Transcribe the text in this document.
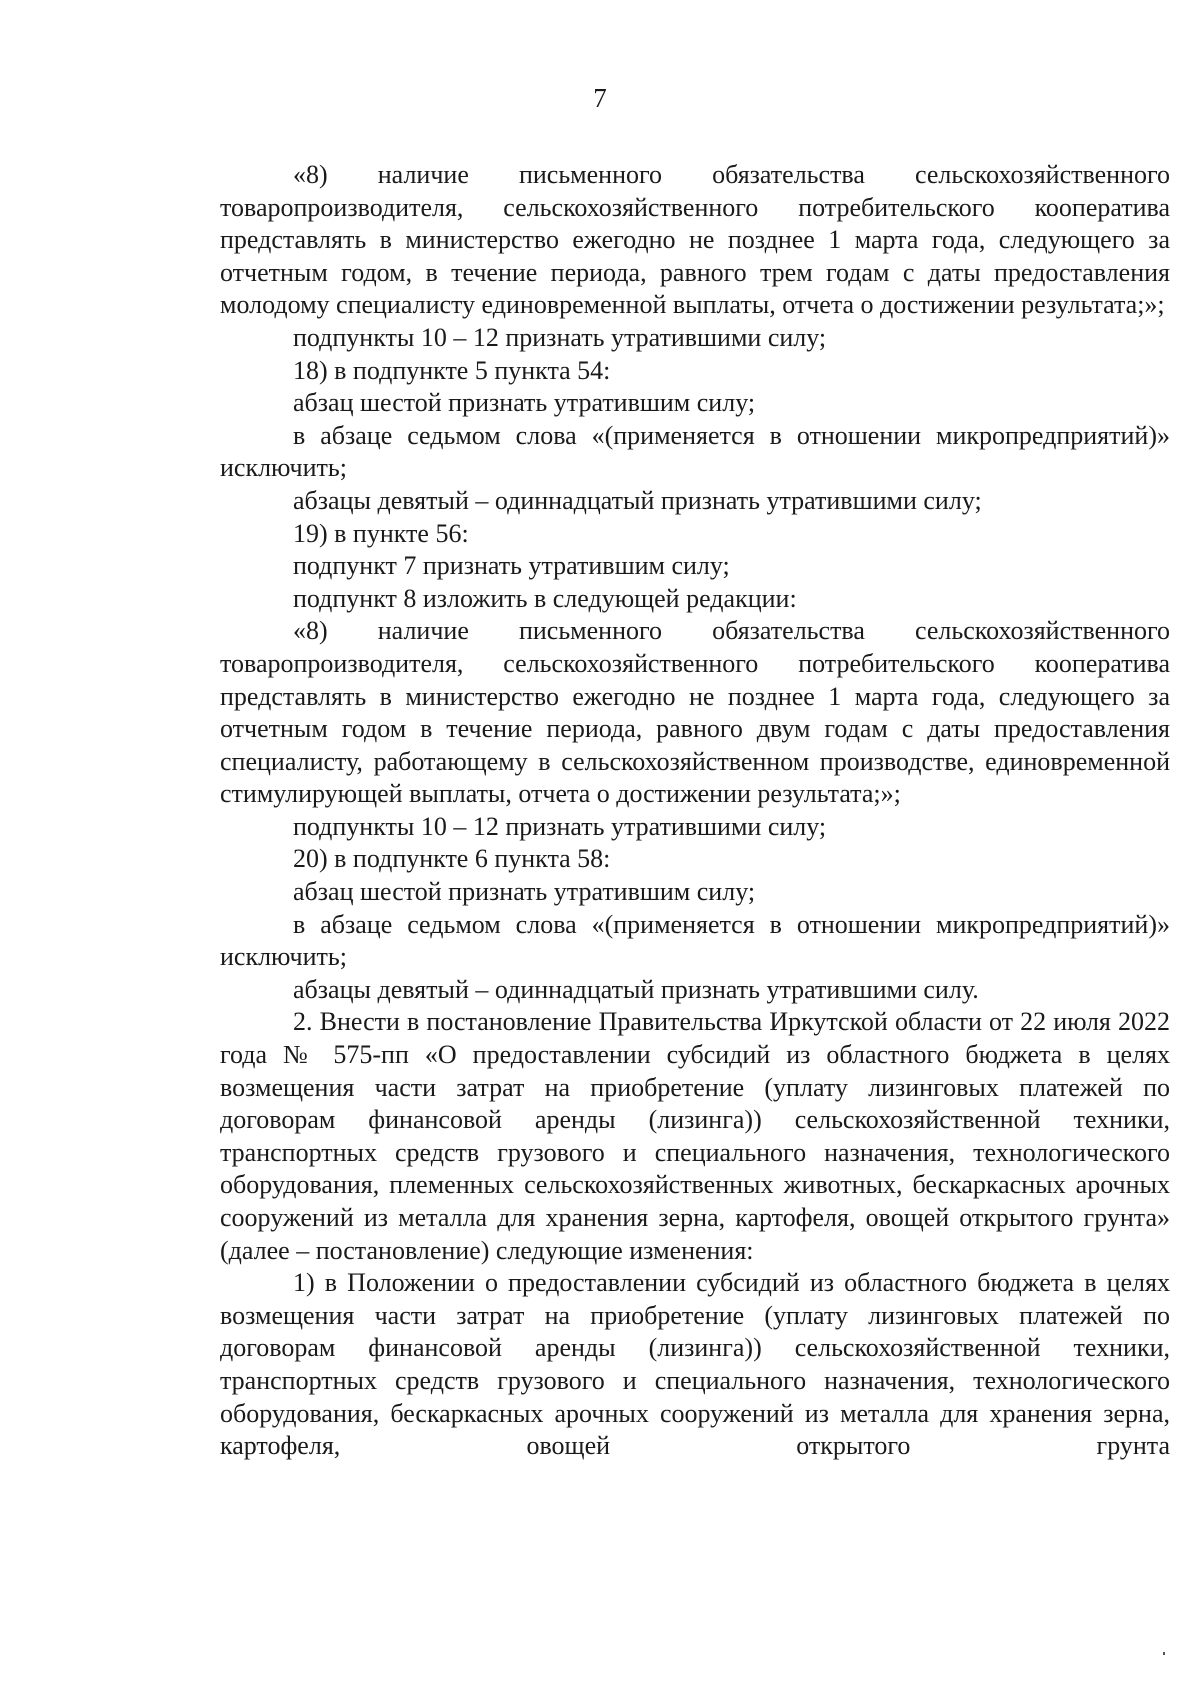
7

«8) наличие письменного обязательства сельскохозяйственного товаропроизводителя, сельскохозяйственного потребительского кооператива представлять в министерство ежегодно не позднее 1 марта года, следующего за отчетным годом, в течение периода, равного трем годам с даты предоставления молодому специалисту единовременной выплаты, отчета о достижении результата;»;

подпункты 10 – 12 признать утратившими силу;

18) в подпункте 5 пункта 54:

абзац шестой признать утратившим силу;

в абзаце седьмом слова «(применяется в отношении микропредприятий)» исключить;

абзацы девятый – одиннадцатый признать утратившими силу;

19) в пункте 56:

подпункт 7 признать утратившим силу;

подпункт 8 изложить в следующей редакции:

«8) наличие письменного обязательства сельскохозяйственного товаропроизводителя, сельскохозяйственного потребительского кооператива представлять в министерство ежегодно не позднее 1 марта года, следующего за отчетным годом в течение периода, равного двум годам с даты предоставления специалисту, работающему в сельскохозяйственном производстве, единовременной стимулирующей выплаты, отчета о достижении результата;»;

подпункты 10 – 12 признать утратившими силу;

20) в подпункте 6 пункта 58:

абзац шестой признать утратившим силу;

в абзаце седьмом слова «(применяется в отношении микропредприятий)» исключить;

абзацы девятый – одиннадцатый признать утратившими силу.

2. Внести в постановление Правительства Иркутской области от 22 июля 2022 года № 575-пп «О предоставлении субсидий из областного бюджета в целях возмещения части затрат на приобретение (уплату лизинговых платежей по договорам финансовой аренды (лизинга)) сельскохозяйственной техники, транспортных средств грузового и специального назначения, технологического оборудования, племенных сельскохозяйственных животных, бескаркасных арочных сооружений из металла для хранения зерна, картофеля, овощей открытого грунта» (далее – постановление) следующие изменения:

1) в Положении о предоставлении субсидий из областного бюджета в целях возмещения части затрат на приобретение (уплату лизинговых платежей по договорам финансовой аренды (лизинга)) сельскохозяйственной техники, транспортных средств грузового и специального назначения, технологического оборудования, бескаркасных арочных сооружений из металла для хранения зерна, картофеля, овощей открытого грунта
